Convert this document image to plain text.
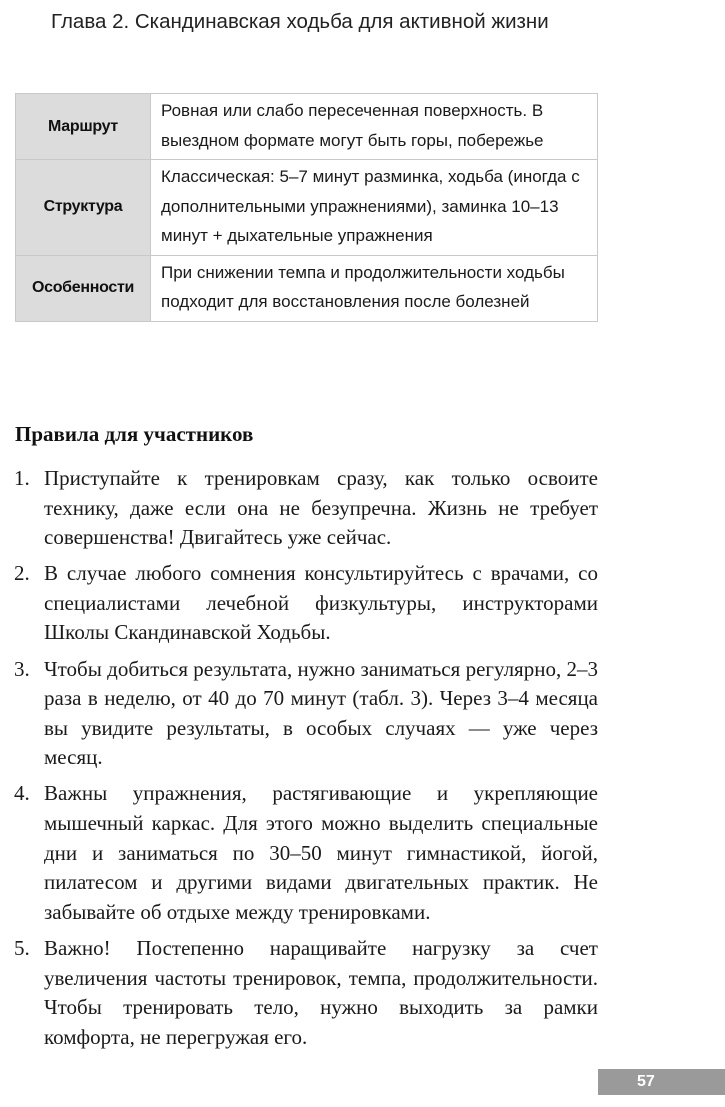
Глава 2. Скандинавская ходьба для активной жизни
Маршрут	Ровная или слабо пересеченная поверхность. В выездном формате могут быть горы, побережье
Структура	Классическая: 5–7 минут разминка, ходьба (иногда с дополнительными упражнениями), заминка 10–13 минут + дыхательные упражнения
Особенности	При снижении темпа и продолжительности ходьбы подходит для восстановления после болезней
Правила для участников
1. Приступайте к тренировкам сразу, как только освоите технику, даже если она не безупречна. Жизнь не требует совершенства! Двигайтесь уже сейчас.
2. В случае любого сомнения консультируйтесь с врачами, со специалистами лечебной физкультуры, инструкторами Школы Скандинавской Ходьбы.
3. Чтобы добиться результата, нужно заниматься регулярно, 2–3 раза в неделю, от 40 до 70 минут (табл. 3). Через 3–4 месяца вы увидите результаты, в особых случаях — уже через месяц.
4. Важны упражнения, растягивающие и укрепляющие мышечный каркас. Для этого можно выделить специальные дни и заниматься по 30–50 минут гимнастикой, йогой, пилатесом и другими видами двигательных практик. Не забывайте об отдыхе между тренировками.
5. Важно! Постепенно наращивайте нагрузку за счет увеличения частоты тренировок, темпа, продолжительности. Чтобы тренировать тело, нужно выходить за рамки комфорта, не перегружая его.
57
